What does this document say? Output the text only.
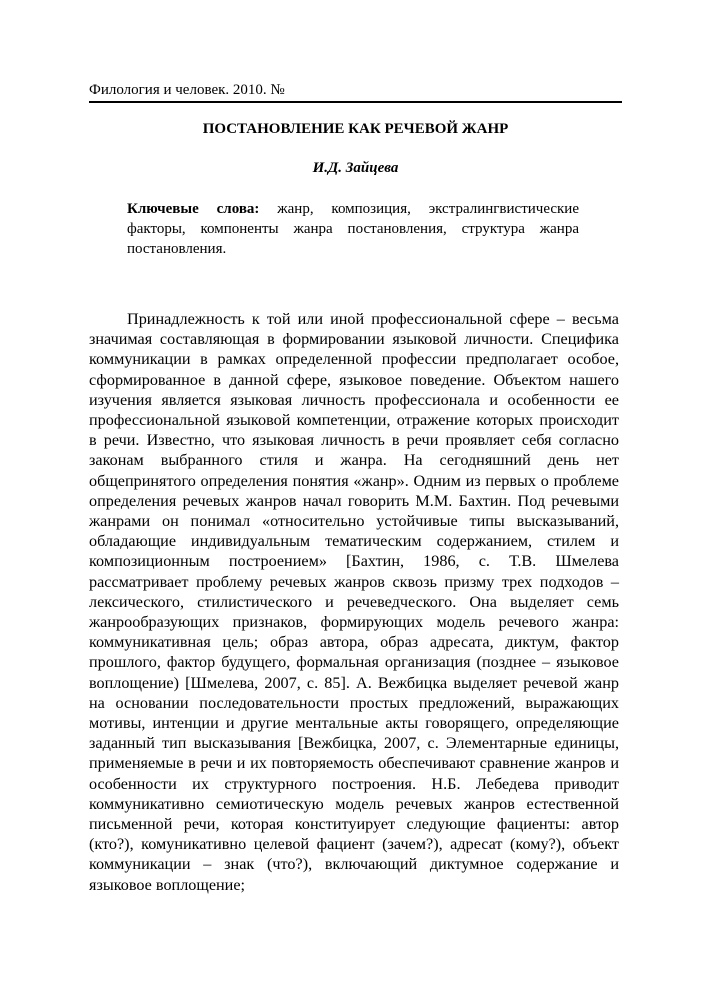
Филология и человек. 2010. №
ПОСТАНОВЛЕНИЕ КАК РЕЧЕВОЙ ЖАНР
И.Д. Зайцева
Ключевые слова: жанр, композиция, экстралингвистические факторы, компоненты жанра постановления, структура жанра постановления.
Принадлежность к той или иной профессиональной сфере – весьма значимая составляющая в формировании языковой личности. Специфика коммуникации в рамках определенной профессии предполагает особое, сформированное в данной сфере, языковое поведение. Объектом нашего изучения является языковая личность профессионала и особенности ее профессиональной языковой компетенции, отражение которых происходит в речи. Известно, что языковая личность в речи проявляет себя согласно законам выбранного стиля и жанра. На сегодняшний день нет общепринятого определения понятия «жанр». Одним из первых о проблеме определения речевых жанров начал говорить М.М. Бахтин. Под речевыми жанрами он понимал «относительно устойчивые типы высказываний, обладающие индивидуальным тематическим содержанием, стилем и композиционным построением» [Бахтин, 1986, с. Т.В. Шмелева рассматривает проблему речевых жанров сквозь призму трех подходов – лексического, стилистического и речеведческого. Она выделяет семь жанрообразующих признаков, формирующих модель речевого жанра: коммуникативная цель; образ автора, образ адресата, диктум, фактор прошлого, фактор будущего, формальная организация (позднее – языковое воплощение) [Шмелева, 2007, с. 85]. А. Вежбицка выделяет речевой жанр на основании последовательности простых предложений, выражающих мотивы, интенции и другие ментальные акты говорящего, определяющие заданный тип высказывания [Вежбицка, 2007, с. Элементарные единицы, применяемые в речи и их повторяемость обеспечивают сравнение жанров и особенности их структурного построения. Н.Б. Лебедева приводит коммуникативно семиотическую модель речевых жанров естественной письменной речи, которая конституирует следующие фациенты: автор (кто?), комуникативно целевой фациент (зачем?), адресат (кому?), объект коммуникации – знак (что?), включающий диктумное содержание и языковое воплощение;
